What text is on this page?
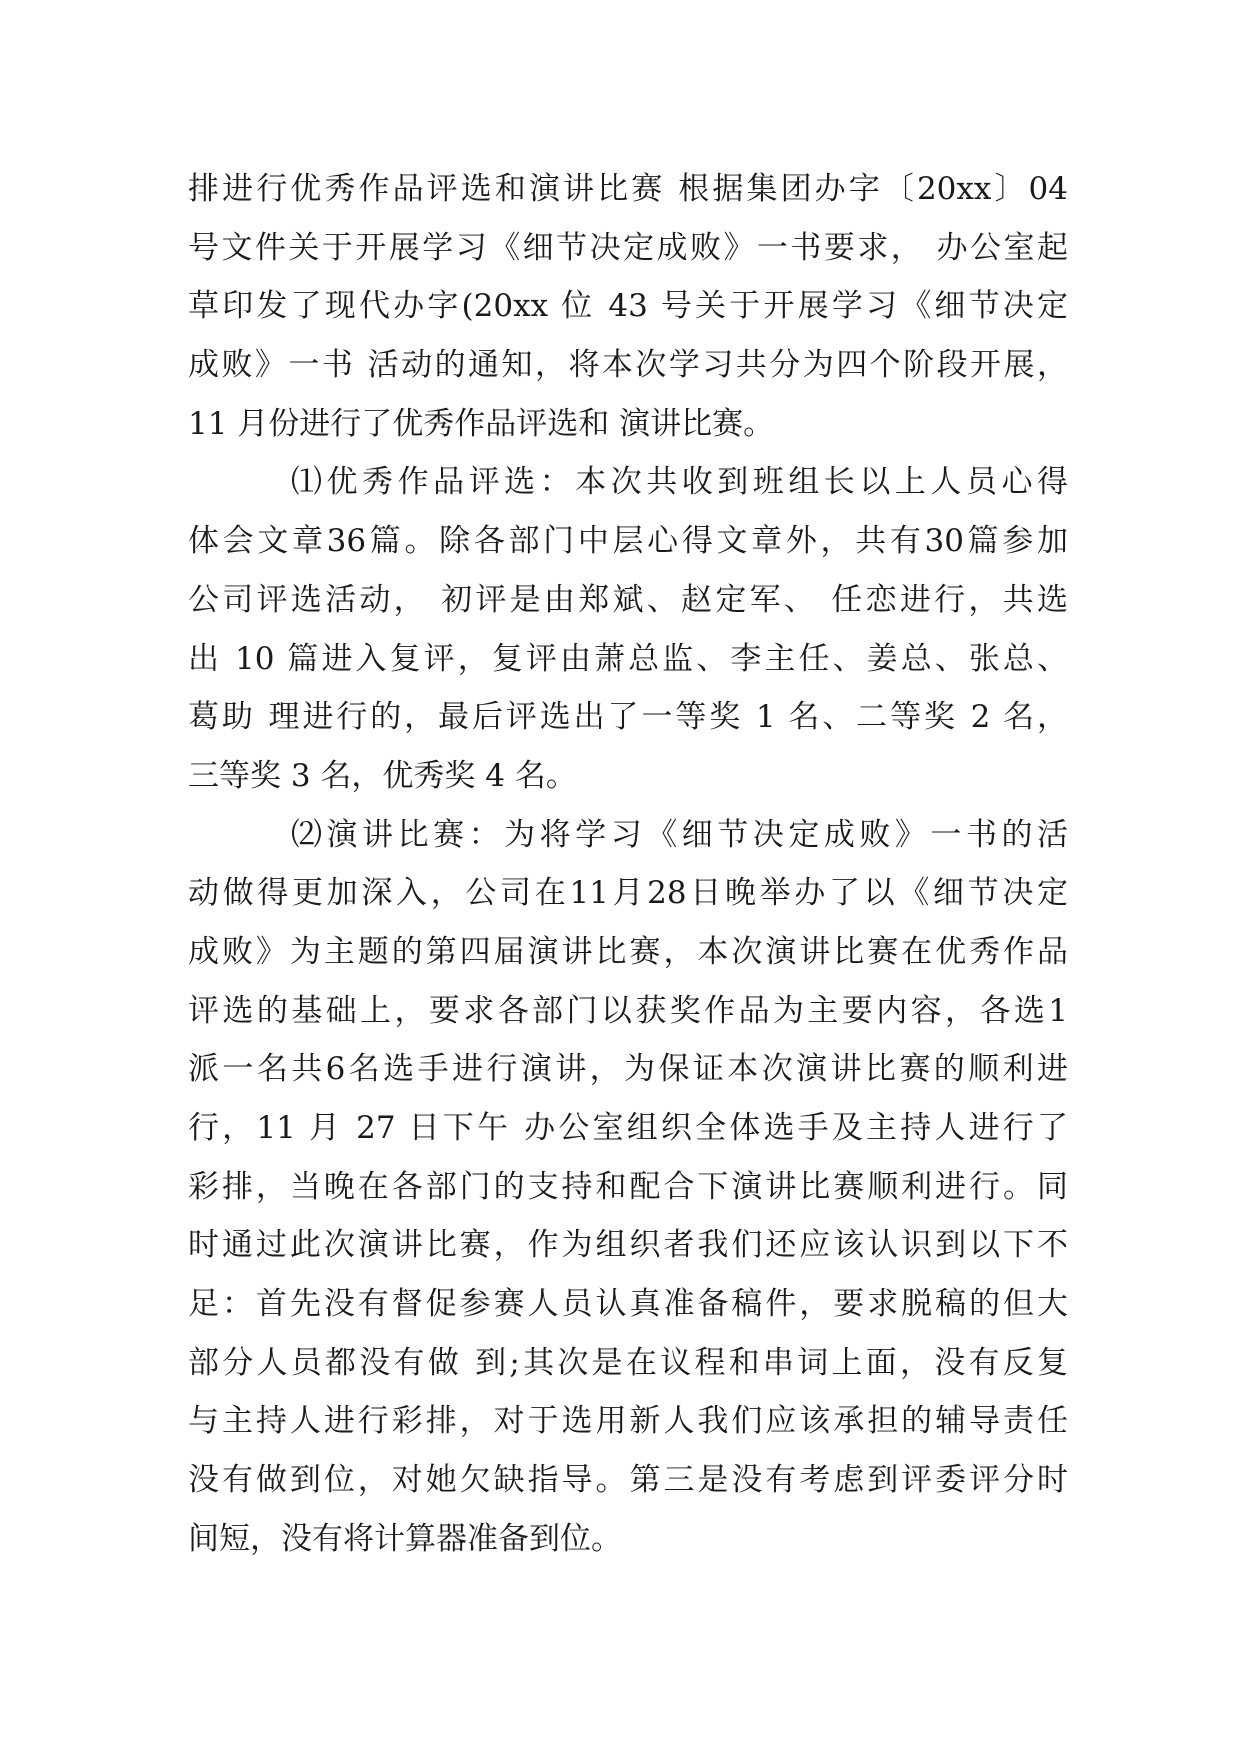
排进行优秀作品评选和演讲比赛 根据集团办字〔20xx〕04
号文件关于开展学习《细节决定成败》一书要求， 办公室起
草印发了现代办字(20xx 位 43 号关于开展学习《细节决定
成败》一书 活动的通知，将本次学习共分为四个阶段开展，
11 月份进行了优秀作品评选和 演讲比赛。
⑴优秀作品评选：本次共收到班组长以上人员心得
体会文章36篇。除各部门中层心得文章外，共有30篇参加
公司评选活动， 初评是由郑斌、赵定军、 任恋进行，共选
出 10 篇进入复评，复评由萧总监、李主任、姜总、张总、
葛助 理进行的，最后评选出了一等奖 1 名、二等奖 2 名，
三等奖 3 名，优秀奖 4 名。
⑵演讲比赛：为将学习《细节决定成败》一书的活
动做得更加深入，公司在11月28日晚举办了以《细节决定
成败》为主题的第四届演讲比赛，本次演讲比赛在优秀作品
评选的基础上，要求各部门以获奖作品为主要内容，各选1
派一名共6名选手进行演讲，为保证本次演讲比赛的顺利进
行，11 月 27 日下午 办公室组织全体选手及主持人进行了
彩排，当晚在各部门的支持和配合下演讲比赛顺利进行。同
时通过此次演讲比赛，作为组织者我们还应该认识到以下不
足：首先没有督促参赛人员认真准备稿件，要求脱稿的但大
部分人员都没有做 到;其次是在议程和串词上面，没有反复
与主持人进行彩排，对于选用新人我们应该承担的辅导责任
没有做到位，对她欠缺指导。第三是没有考虑到评委评分时
间短，没有将计算器准备到位。
